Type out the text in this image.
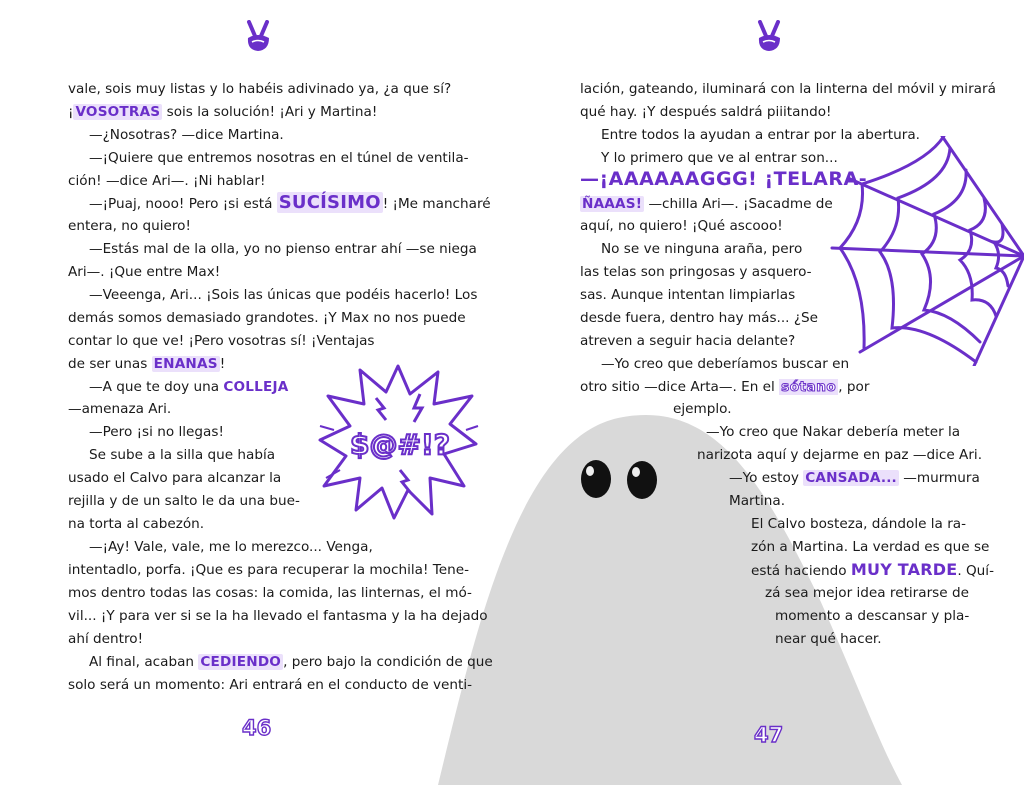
$@#!?
vale, sois muy listas y lo habéis adivinado ya, ¿a que sí?
¡ VOSOTRAS sois la solución! ¡Ari y Martina!
—¿Nosotras? —dice Martina.
—¡Quiere que entremos nosotras en el túnel de ventila-
ción! —dice Ari—. ¡Ni hablar!
—¡Puaj, nooo! Pero ¡si está SUCÍSIMO ! ¡Me mancharé
entera, no quiero!
—Estás mal de la olla, yo no pienso entrar ahí —se niega
Ari—. ¡Que entre Max!
—Veeenga, Ari... ¡Sois las únicas que podéis hacerlo! Los
demás somos demasiado grandotes. ¡Y Max no nos puede
contar lo que ve! ¡Pero vosotras sí! ¡Ventajas
de ser unas ENANAS !
—A que te doy una COLLEJA
—amenaza Ari.
—Pero ¡si no llegas!
Se sube a la silla que había
usado el Calvo para alcanzar la
rejilla y de un salto le da una bue-
na torta al cabezón.
—¡Ay! Vale, vale, me lo merezco... Venga,
intentadlo, porfa. ¡Que es para recuperar la mochila! Tene-
mos dentro todas las cosas: la comida, las linternas, el mó-
vil... ¡Y para ver si se la ha llevado el fantasma y la ha dejado
ahí dentro!
Al final, acaban CEDIENDO , pero bajo la condición de que
solo será un momento: Ari entrará en el conducto de venti-
lación, gateando, iluminará con la linterna del móvil y mirará
qué hay. ¡Y después saldrá piiitando!
Entre todos la ayudan a entrar por la abertura.
Y lo primero que ve al entrar son...
—¡AAAAAAGGG! ¡TELARA-
ÑAAAS! —chilla Ari—. ¡Sacadme de
aquí, no quiero! ¡Qué ascooo!
No se ve ninguna araña, pero
las telas son pringosas y asquero-
sas. Aunque intentan limpiarlas
desde fuera, dentro hay más... ¿Se
atreven a seguir hacia delante?
—Yo creo que deberíamos buscar en
otro sitio —dice Arta—. En el sótano , por
ejemplo.
—Yo creo que Nakar debería meter la
narizota aquí y dejarme en paz —dice Ari.
—Yo estoy CANSADA... —murmura
Martina.
El Calvo bosteza, dándole la ra-
zón a Martina. La verdad es que se
está haciendo MUY TARDE. Quí-
zá sea mejor idea retirarse de
momento a descansar y pla-
near qué hacer.
46	47
